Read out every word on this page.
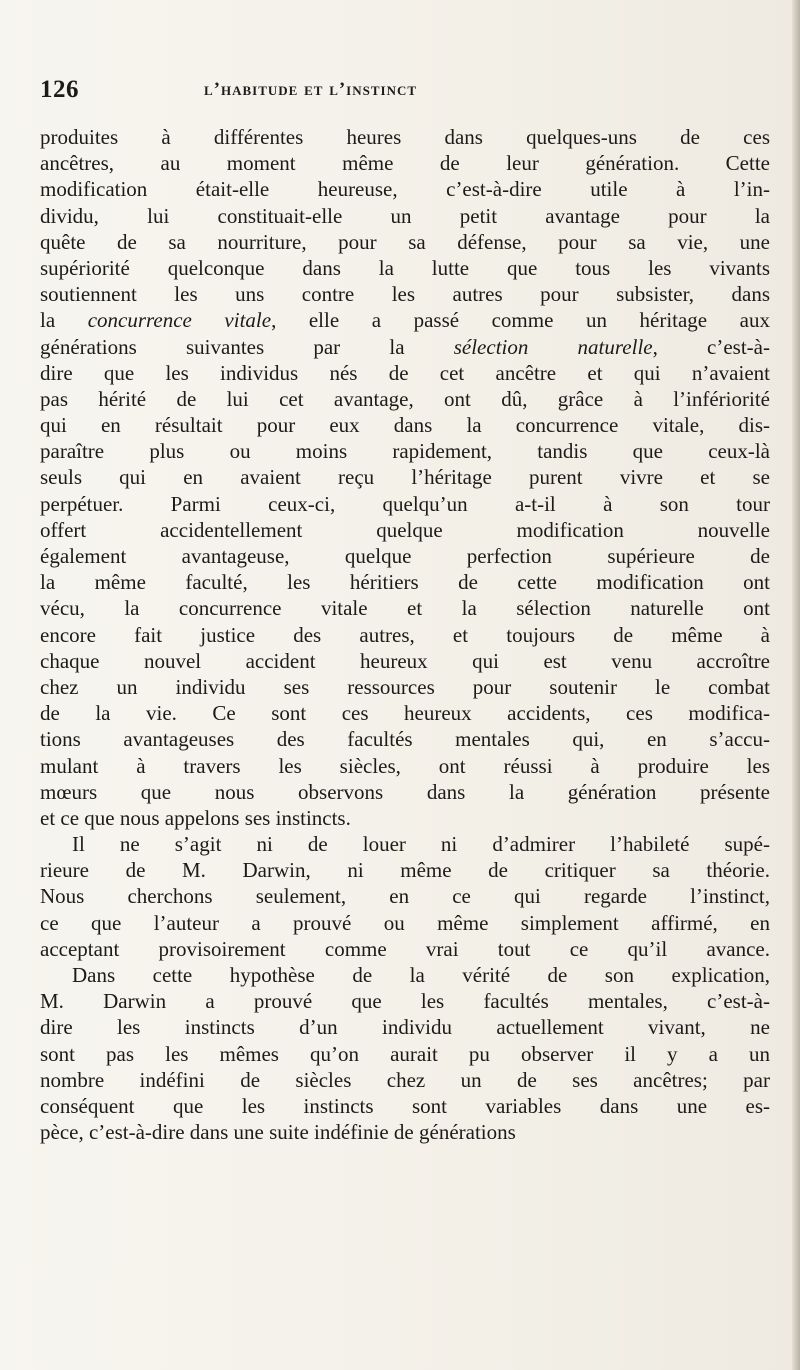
126	l’habitude et l’instinct
produites à différentes heures dans quelques-uns de ces
ancêtres, au moment même de leur génération. Cette
modification était-elle heureuse, c’est-à-dire utile à l’in-
dividu, lui constituait-elle un petit avantage pour la
quête de sa nourriture, pour sa défense, pour sa vie, une
supériorité quelconque dans la lutte que tous les vivants
soutiennent les uns contre les autres pour subsister, dans
la concurrence vitale, elle a passé comme un héritage aux
générations suivantes par la sélection naturelle, c’est-à-
dire que les individus nés de cet ancêtre et qui n’avaient
pas hérité de lui cet avantage, ont dû, grâce à l’infériorité
qui en résultait pour eux dans la concurrence vitale, dis-
paraître plus ou moins rapidement, tandis que ceux-là
seuls qui en avaient reçu l’héritage purent vivre et se
perpétuer. Parmi ceux-ci, quelqu’un a-t-il à son tour
offert accidentellement quelque modification nouvelle
également avantageuse, quelque perfection supérieure de
la même faculté, les héritiers de cette modification ont
vécu, la concurrence vitale et la sélection naturelle ont
encore fait justice des autres, et toujours de même à
chaque nouvel accident heureux qui est venu accroître
chez un individu ses ressources pour soutenir le combat
de la vie. Ce sont ces heureux accidents, ces modifica-
tions avantageuses des facultés mentales qui, en s’accu-
mulant à travers les siècles, ont réussi à produire les
mœurs que nous observons dans la génération présente
et ce que nous appelons ses instincts.
Il ne s’agit ni de louer ni d’admirer l’habileté supé-
rieure de M. Darwin, ni même de critiquer sa théorie.
Nous cherchons seulement, en ce qui regarde l’instinct,
ce que l’auteur a prouvé ou même simplement affirmé, en
acceptant provisoirement comme vrai tout ce qu’il avance.
Dans cette hypothèse de la vérité de son explication,
M. Darwin a prouvé que les facultés mentales, c’est-à-
dire les instincts d’un individu actuellement vivant, ne
sont pas les mêmes qu’on aurait pu observer il y a un
nombre indéfini de siècles chez un de ses ancêtres; par
conséquent que les instincts sont variables dans une es-
pèce, c’est-à-dire dans une suite indéfinie de générations
